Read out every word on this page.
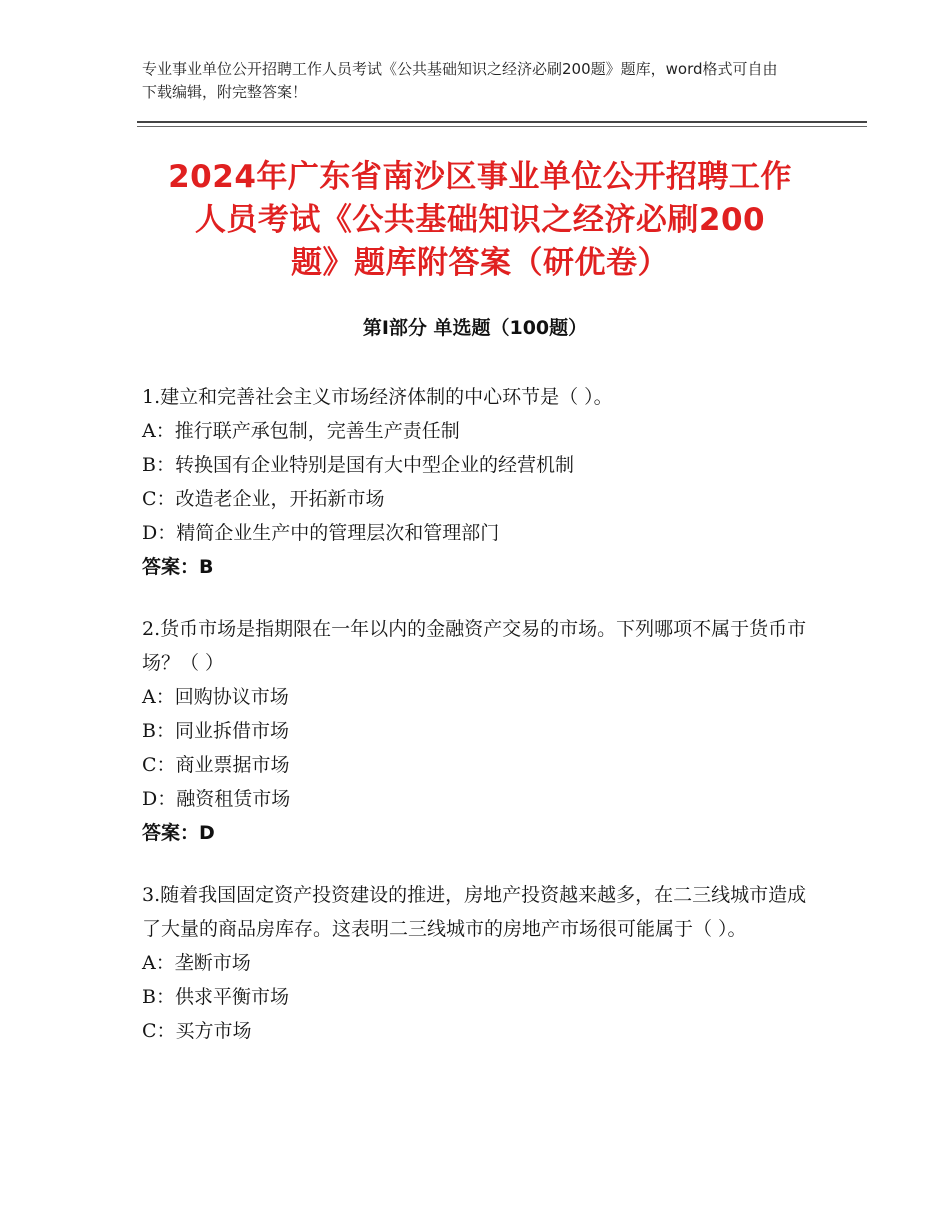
专业事业单位公开招聘工作人员考试《公共基础知识之经济必刷200题》题库，word格式可自由下载编辑，附完整答案！
2024年广东省南沙区事业单位公开招聘工作
人员考试《公共基础知识之经济必刷200
题》题库附答案（研优卷）
第Ⅰ部分 单选题（100题）

1.建立和完善社会主义市场经济体制的中心环节是（ ）。

A：推行联产承包制，完善生产责任制

B：转换国有企业特别是国有大中型企业的经营机制

C：改造老企业，开拓新市场

D：精简企业生产中的管理层次和管理部门

答案：B

2.货币市场是指期限在一年以内的金融资产交易的市场。下列哪项不属于货币市场？（ ）

A：回购协议市场

B：同业拆借市场

C：商业票据市场

D：融资租赁市场

答案：D

3.随着我国固定资产投资建设的推进，房地产投资越来越多，在二三线城市造成了大量的商品房库存。这表明二三线城市的房地产市场很可能属于（ ）。

A：垄断市场

B：供求平衡市场

C：买方市场
